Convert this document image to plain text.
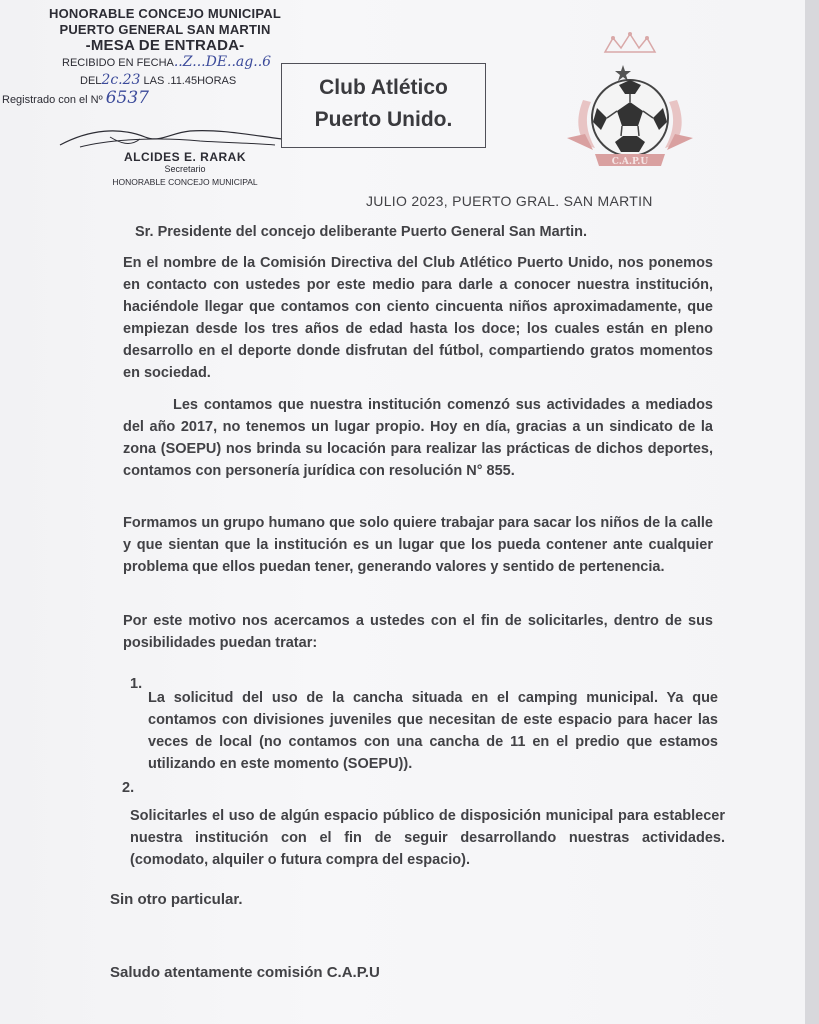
HONORABLE CONCEJO MUNICIPAL
PUERTO GENERAL SAN MARTIN
-MESA DE ENTRADA-
RECIBIDO EN FECHA..Z...DE..ag..6
DEL2c.23 LAS .11.45HORAS
Registrado con el Nº 6537
ALCIDES E. RARAK
Secretario
HONORABLE CONCEJO MUNICIPAL
Club Atlético
Puerto Unido.
C.A.P.U
JULIO 2023, PUERTO GRAL. SAN MARTIN
Sr. Presidente del concejo deliberante Puerto General San Martin.

En el nombre de la Comisión Directiva del Club Atlético Puerto Unido, nos ponemos en contacto con ustedes por este medio para darle a conocer nuestra institución, haciéndole llegar que contamos con ciento cincuenta niños aproximadamente, que empiezan desde los tres años de edad hasta los doce; los cuales están en pleno desarrollo en el deporte donde disfrutan del fútbol, compartiendo gratos momentos en sociedad.

Les contamos que nuestra institución comenzó sus actividades a mediados del año 2017, no tenemos un lugar propio. Hoy en día, gracias a un sindicato de la zona (SOEPU) nos brinda su locación para realizar las prácticas de dichos deportes, contamos con personería jurídica con resolución N° 855.

Formamos un grupo humano que solo quiere trabajar para sacar los niños de la calle y que sientan que la institución es un lugar que los pueda contener ante cualquier problema que ellos puedan tener, generando valores y sentido de pertenencia.

Por este motivo nos acercamos a ustedes con el fin de solicitarles, dentro de sus posibilidades puedan tratar:

1.

La solicitud del uso de la cancha situada en el camping municipal. Ya que contamos con divisiones juveniles que necesitan de este espacio para hacer las veces de local (no contamos con una cancha de 11 en el predio que estamos utilizando en este momento (SOEPU)).

2.

Solicitarles el uso de algún espacio público de disposición municipal para establecer nuestra institución con el fin de seguir desarrollando nuestras actividades. (comodato, alquiler o futura compra del espacio).

Sin otro particular.
Saludo atentamente comisión C.A.P.U
